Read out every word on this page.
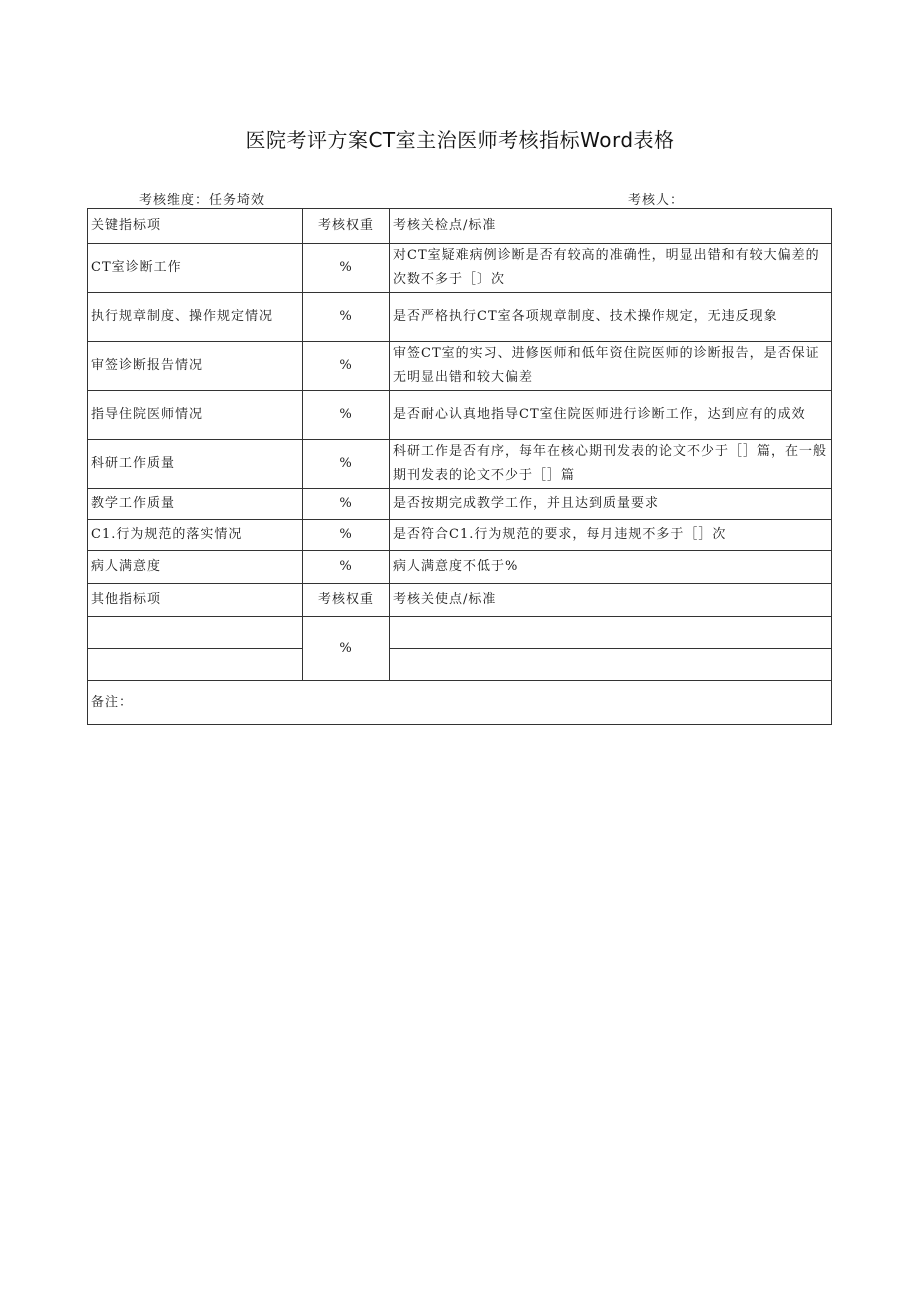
医院考评方案CT室主治医师考核指标Word表格
考核维度：任务埼效	考核人：
关键指标项	考核权重	考核关检点/标准
CT室诊断工作	%	对CT室疑难病例诊断是否有较高的准确性，明显出错和有较大偏差的次数不多于［〕次
执行规章制度、操作规定情况	%	是否严格执行CT室各项规章制度、技术操作规定，无违反现象
审签诊断报告情况	%	审签CT室的实习、进修医师和低年资住院医师的诊断报告，是否保证无明显出错和较大偏差
指导住院医师情况	%	是否耐心认真地指导CT室住院医师进行诊断工作，达到应有的成效
科研工作质量	%	科研工作是否有序，每年在核心期刊发表的论文不少于［］篇，在一般期刊发表的论文不少于［］篇
教学工作质量	%	是否按期完成教学工作，并且达到质量要求
C1.行为规范的落实情况	%	是否符合C1.行为规范的要求，每月违规不多于［］次
病人满意度	%	病人满意度不低于%
其他指标项	考核权重	考核关使点/标准
	%	

备注：		
